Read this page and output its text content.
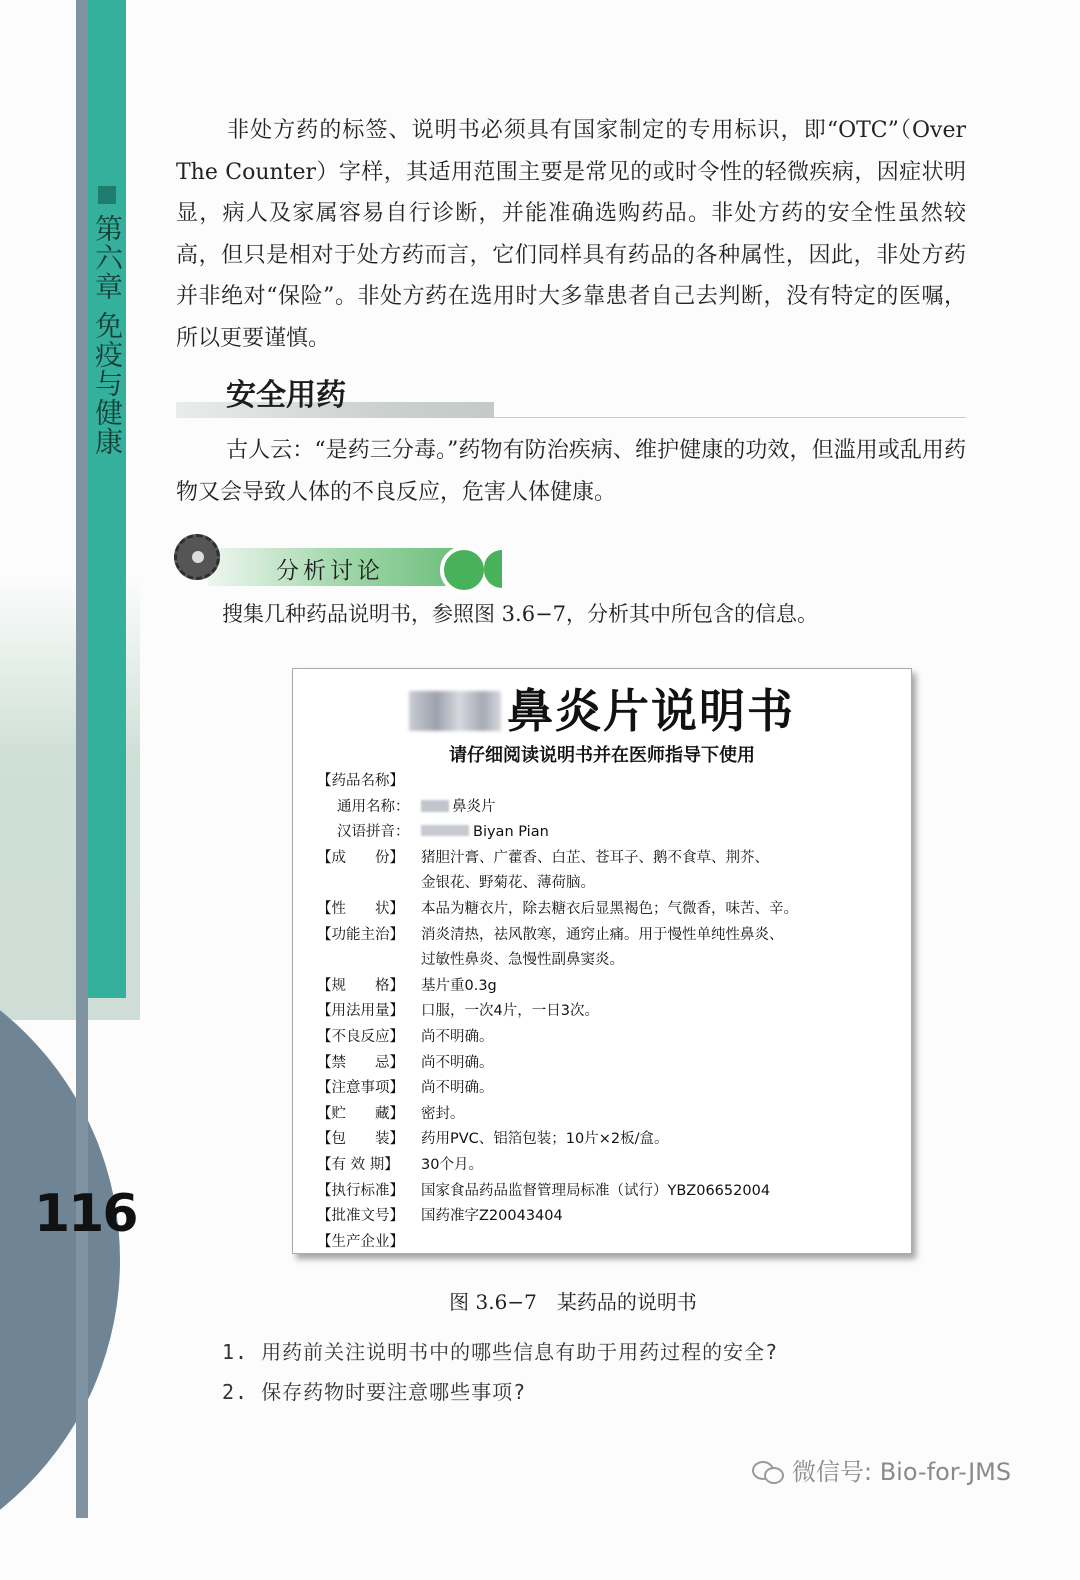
第六章 免疫与健康
116
非处方药的标签、说明书必须具有国家制定的专用标识，即“OTC”（Over The Counter）字样，其适用范围主要是常见的或时令性的轻微疾病，因症状明显，病人及家属容易自行诊断，并能准确选购药品。非处方药的安全性虽然较高，但只是相对于处方药而言，它们同样具有药品的各种属性，因此，非处方药并非绝对“保险”。非处方药在选用时大多靠患者自己去判断，没有特定的医嘱，所以更要谨慎。
安全用药
古人云：“是药三分毒。”药物有防治疾病、维护健康的功效，但滥用或乱用药物又会导致人体的不良反应，危害人体健康。
分析讨论
搜集几种药品说明书，参照图 3.6−7，分析其中所包含的信息。
鼻炎片说明书
请仔细阅读说明书并在医师指导下使用
【药品名称】
通用名称：	鼻炎片
汉语拼音：	Biyan Pian
【成　　份】 猪胆汁膏、广藿香、白芷、苍耳子、鹅不食草、荆芥、
金银花、野菊花、薄荷脑。
【性　　状】 本品为糖衣片，除去糖衣后显黑褐色；气微香，味苦、辛。
【功能主治】 消炎清热，祛风散寒，通窍止痛。用于慢性单纯性鼻炎、
过敏性鼻炎、急慢性副鼻窦炎。
【规　　格】 基片重0.3g
【用法用量】 口服，一次4片，一日3次。
【不良反应】 尚不明确。
【禁　　忌】 尚不明确。
【注意事项】 尚不明确。
【贮　　藏】 密封。
【包　　装】 药用PVC、铝箔包装；10片×2板/盒。
【有 效 期】 30个月。
【执行标准】 国家食品药品监督管理局标准（试行）YBZ06652004
【批准文号】 国药准字Z20043404
【生产企业】
图 3.6−7　某药品的说明书
1. 用药前关注说明书中的哪些信息有助于用药过程的安全?
2. 保存药物时要注意哪些事项?
微信号: Bio-for-JMS
